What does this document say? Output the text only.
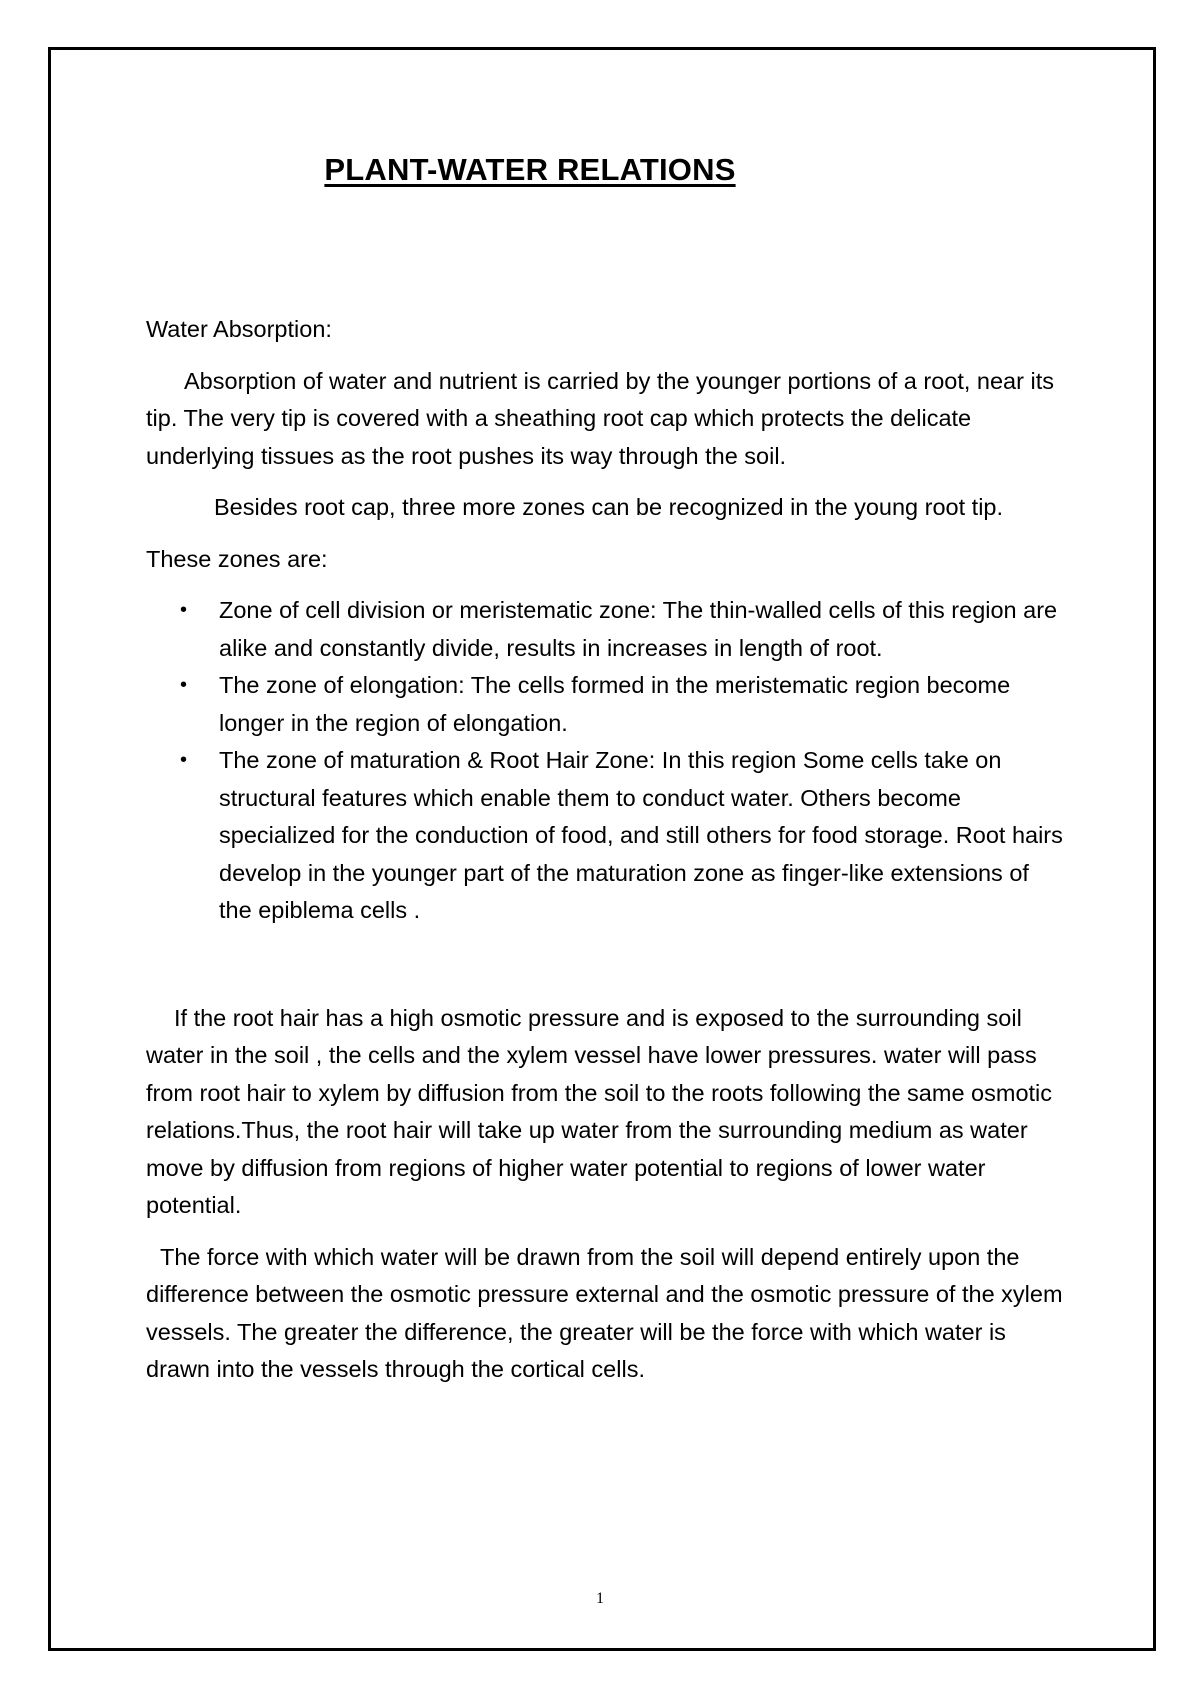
PLANT-WATER RELATIONS

Water Absorption:

Absorption of water and nutrient is carried by the younger portions of a root, near its tip. The very tip is covered with a sheathing root cap which protects the delicate underlying tissues as the root pushes its way through the soil.

Besides root cap, three more zones can be recognized in the young root tip.

These zones are:

• Zone of cell division or meristematic zone: The thin-walled cells of this region are alike and constantly divide, results in increases in length of root.
• The zone of elongation: The cells formed in the meristematic region become longer in the region of elongation.
• The zone of maturation & Root Hair Zone: In this region Some cells take on structural features which enable them to conduct water. Others become specialized for the conduction of food, and still others for food storage. Root hairs develop in the younger part of the maturation zone as finger-like extensions of the epiblema cells .

If the root hair has a high osmotic pressure and is exposed to the surrounding soil water in the soil , the cells and the xylem vessel have lower pressures. water will pass from root hair to xylem by diffusion from the soil to the roots following the same osmotic relations.Thus, the root hair will take up water from the surrounding medium as water move by diffusion from regions of higher water potential to regions of lower water potential.

The force with which water will be drawn from the soil will depend entirely upon the difference between the osmotic pressure external and the osmotic pressure of the xylem vessels. The greater the difference, the greater will be the force with which water is drawn into the vessels through the cortical cells.

1
